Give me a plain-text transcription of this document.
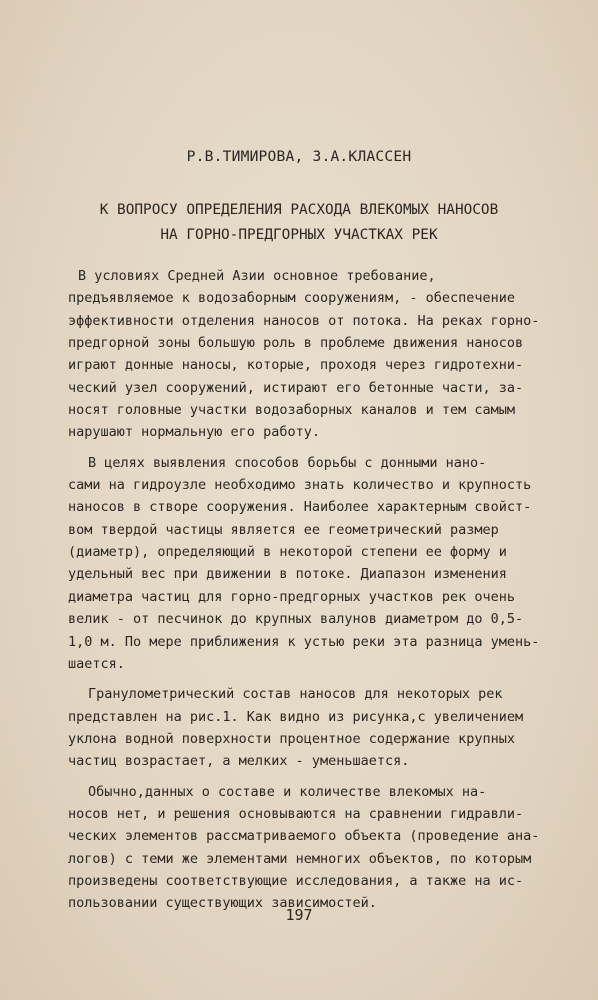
Р.В.ТИМИРОВА, З.А.КЛАССЕН
К ВОПРОСУ ОПРЕДЕЛЕНИЯ РАСХОДА ВЛЕКОМЫХ НАНОСОВ
НА ГОРНО-ПРЕДГОРНЫХ УЧАСТКАХ РЕК
В условиях Средней Азии основное требование,
предъявляемое к водозаборным сооружениям, - обеспечение
эффективности отделения наносов от потока. На реках горно-
предгорной зоны большую роль в проблеме движения наносов
играют донные наносы, которые, проходя через гидротехни-
ческий узел сооружений, истирают его бетонные части, за-
носят головные участки водозаборных каналов и тем самым
нарушают нормальную его работу.
В целях выявления способов борьбы с донными нано-
сами на гидроузле необходимо знать количество и крупность
наносов в створе сооружения. Наиболее характерным свойст-
вом твердой частицы является ее геометрический размер
(диаметр), определяющий в некоторой степени ее форму и
удельный вес при движении в потоке. Диапазон изменения
диаметра частиц для горно-предгорных участков рек очень
велик - от песчинок до крупных валунов диаметром до 0,5-
1,0 м. По мере приближения к устью реки эта разница умень-
шается.
Гранулометрический состав наносов для некоторых рек
представлен на рис.1. Как видно из рисунка,с увеличением
уклона водной поверхности процентное содержание крупных
частиц возрастает, а мелких - уменьшается.
Обычно,данных о составе и количестве влекомых на-
носов нет, и решения основываются на сравнении гидравли-
ческих элементов рассматриваемого объекта (проведение ана-
логов) с теми же элементами немногих объектов, по которым
произведены соответствующие исследования, а также на ис-
пользовании существующих зависимостей.
197
